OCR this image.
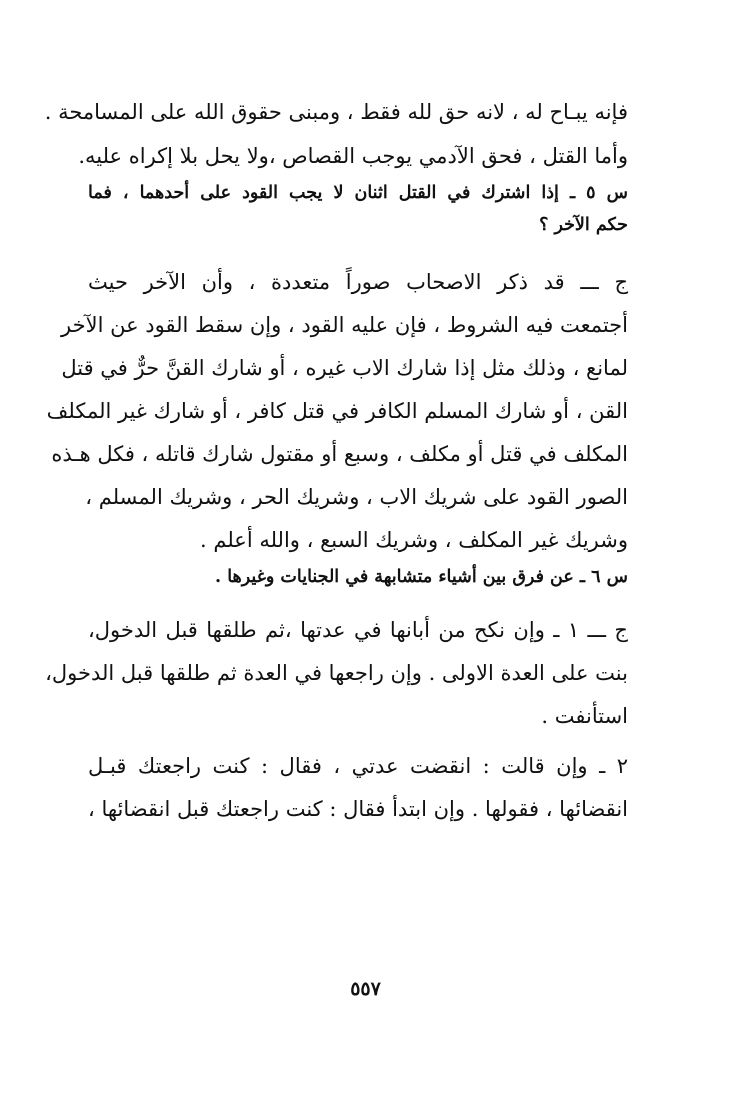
فإنه يبـاح له ، لانه حق لله فقط ، ومبنى حقوق الله على المسامحة .
وأما القتل ، فحق الآدمي يوجب القصاص ،ولا يحل بلا إكراه عليه.
س ٥ ـ إذا اشترك في القتل اثنان لا يجب القود على أحدهما ، فما
حكم الآخر ؟
ج ـــ قد ذكر الاصحاب صوراً متعددة ، وأن الآخر حيث
أجتمعت فيه الشروط ، فإن عليه القود ، وإن سقط القود عن الآخر
لمانع ، وذلك مثل إذا شارك الاب غيره ، أو شارك القنَّ حرٌّ في قتل
القن ، أو شارك المسلم الكافر في قتل كافر ، أو شارك غير المكلف
المكلف في قتل أو مكلف ، وسبع أو مقتول شارك قاتله ، فكل هـذه
الصور القود على شريك الاب ، وشريك الحر ، وشريك المسلم ،
وشريك غير المكلف ، وشريك السبع ، والله أعلم .
س ٦ ـ عن فرق بين أشياء متشابهة في الجنايات وغيرها .
ج ـــ ١ ـ وإن نكح من أبانها في عدتها ،ثم طلقها قبل الدخول،
بنت على العدة الاولى . وإن راجعها في العدة ثم طلقها قبل الدخول،
استأنفت .
٢ ـ وإن قالت : انقضت عدتي ، فقال : كنت راجعتك قبـل
انقضائها ، فقولها . وإن ابتدأ فقال : كنت راجعتك قبل انقضائها ،
٥٥٧
